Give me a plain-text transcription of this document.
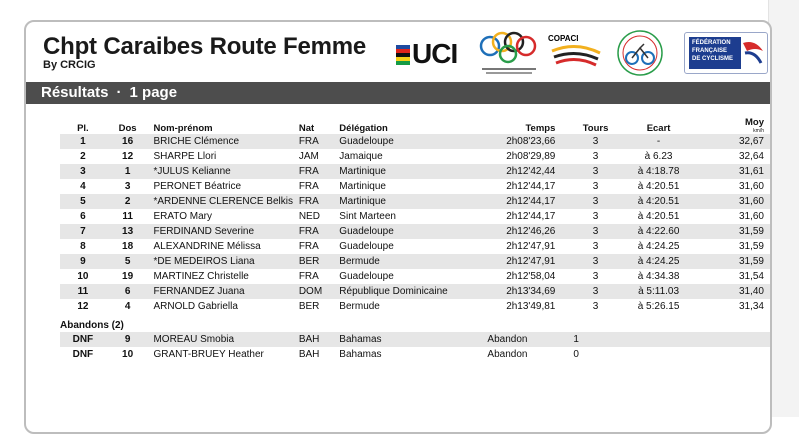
Chpt Caraibes Route Femme
By CRCIG	UCI	COPACI	FÉDÉRATION
FRANÇAISE
DE CYCLISME
Résultats · 1 page
Pl.	Dos	Nom-prénom	Nat	Délégation	Temps	Tours	Ecart	Moy
km/h

1	16	BRICHE Clémence	FRA	Guadeloupe	2h08'23,66	3	-	32,67
2	12	SHARPE Llori	JAM	Jamaique	2h08'29,89	3	à 6.23	32,64
3	1	*JULUS Kelianne	FRA	Martinique	2h12'42,44	3	à 4:18.78	31,61
4	3	PERONET Béatrice	FRA	Martinique	2h12'44,17	3	à 4:20.51	31,60
5	2	*ARDENNE CLERENCE Belkis	FRA	Martinique	2h12'44,17	3	à 4:20.51	31,60
6	11	ERATO Mary	NED	Sint Marteen	2h12'44,17	3	à 4:20.51	31,60
7	13	FERDINAND Severine	FRA	Guadeloupe	2h12'46,26	3	à 4:22.60	31,59
8	18	ALEXANDRINE Mélissa	FRA	Guadeloupe	2h12'47,91	3	à 4:24.25	31,59
9	5	*DE MEDEIROS Liana	BER	Bermude	2h12'47,91	3	à 4:24.25	31,59
10	19	MARTINEZ Christelle	FRA	Guadeloupe	2h12'58,04	3	à 4:34.38	31,54
11	6	FERNANDEZ Juana	DOM	République Dominicaine	2h13'34,69	3	à 5:11.03	31,40
12	4	ARNOLD Gabriella	BER	Bermude	2h13'49,81	3	à 5:26.15	31,34
Abandons (2)								
DNF	9	MOREAU Smobia	BAH	Bahamas	Abandon	1		
DNF	10	GRANT-BRUEY Heather	BAH	Bahamas	Abandon	0		
